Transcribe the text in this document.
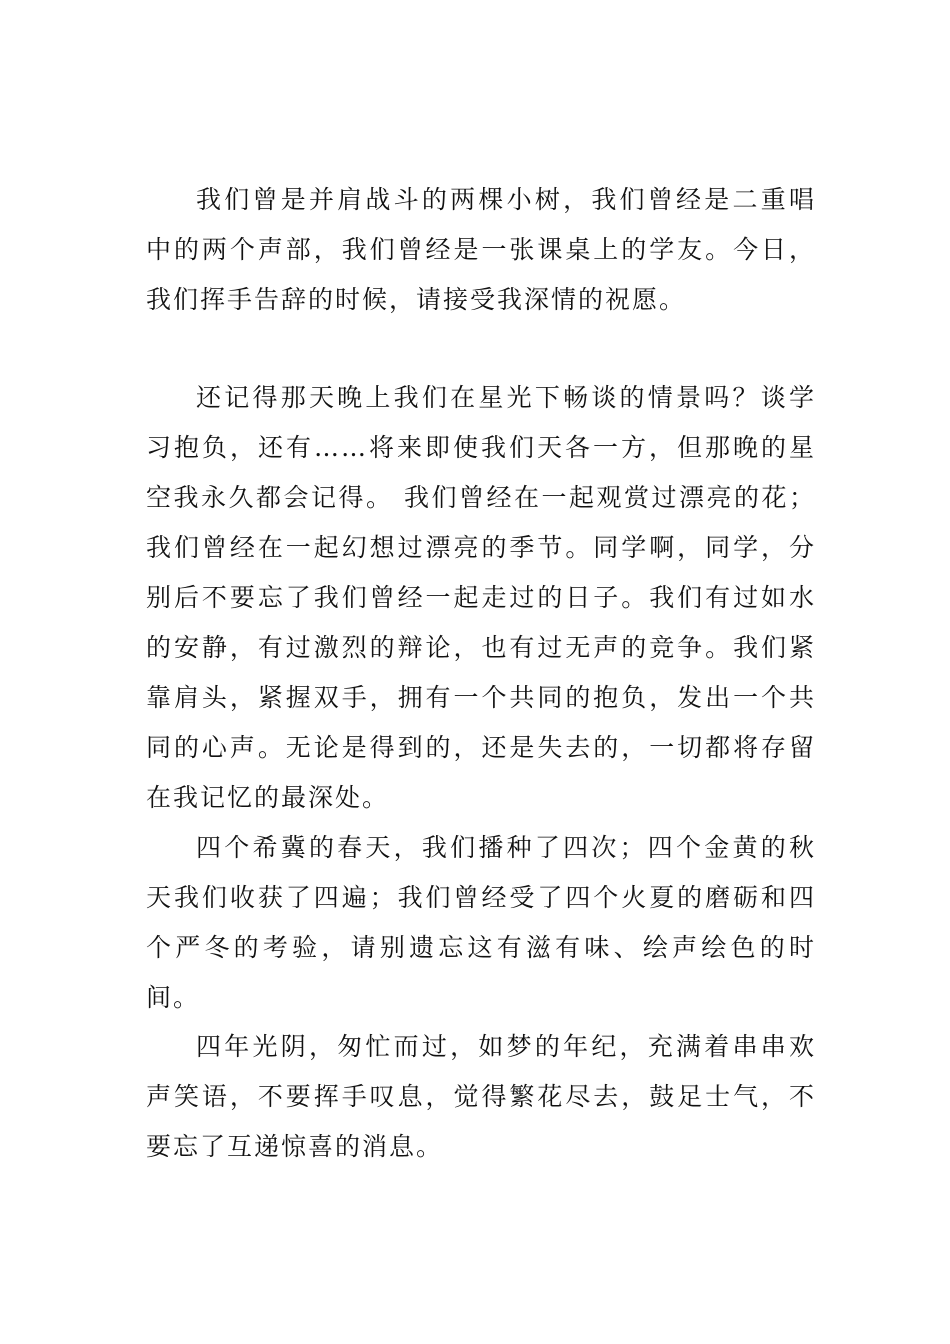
我们曾是并肩战斗的两棵小树，我们曾经是二重唱中的两个声部，我们曾经是一张课桌上的学友。今日，我们挥手告辞的时候，请接受我深情的祝愿。

还记得那天晚上我们在星光下畅谈的情景吗？谈学习抱负，还有……将来即使我们天各一方，但那晚的星空我永久都会记得。 我们曾经在一起观赏过漂亮的花；我们曾经在一起幻想过漂亮的季节。同学啊，同学，分别后不要忘了我们曾经一起走过的日子。我们有过如水的安静，有过激烈的辩论，也有过无声的竞争。我们紧靠肩头，紧握双手，拥有一个共同的抱负，发出一个共同的心声。无论是得到的，还是失去的，一切都将存留在我记忆的最深处。

四个希冀的春天，我们播种了四次；四个金黄的秋天我们收获了四遍；我们曾经受了四个火夏的磨砺和四个严冬的考验，请别遗忘这有滋有味、绘声绘色的时间。

四年光阴，匆忙而过，如梦的年纪，充满着串串欢声笑语，不要挥手叹息，觉得繁花尽去，鼓足士气，不要忘了互递惊喜的消息。
